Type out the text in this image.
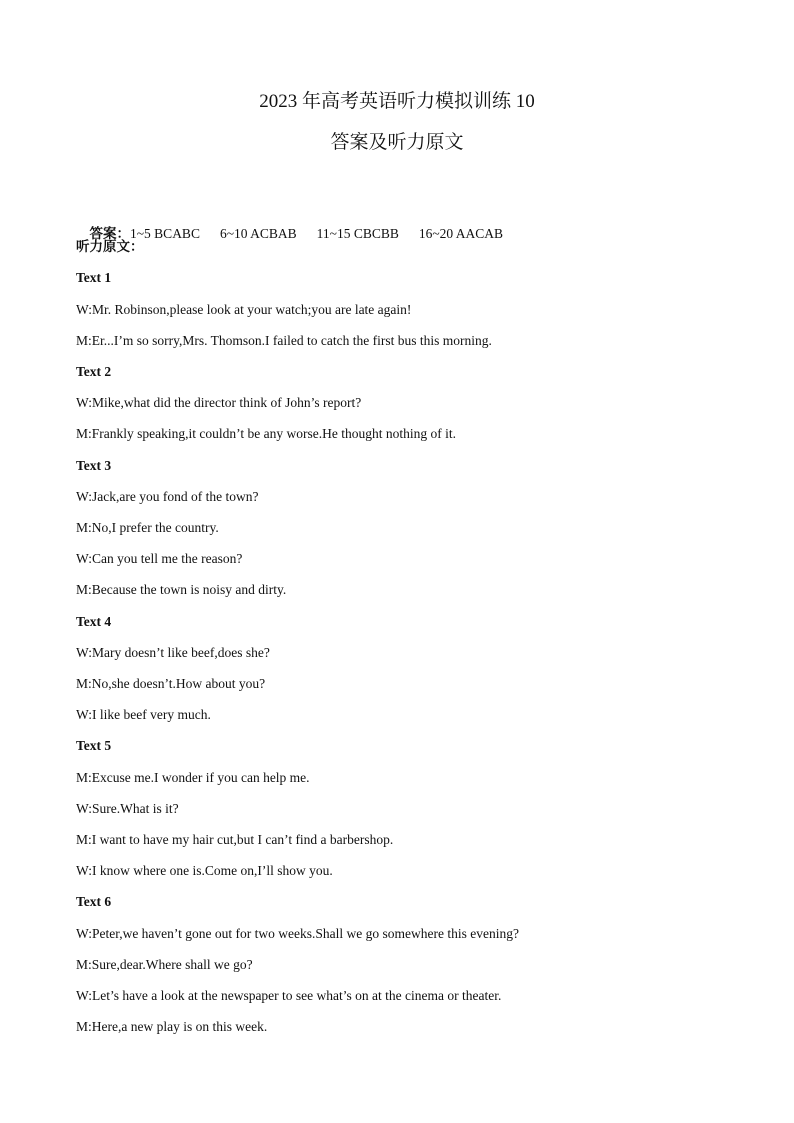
2023 年高考英语听力模拟训练 10
答案及听力原文

答案：1~5 BCABC 6~10 ACBAB 11~15 CBCBB 16~20 AACAB

听力原文：
Text 1
W:Mr. Robinson,please look at your watch;you are late again!
M:Er...I’m so sorry,Mrs. Thomson.I failed to catch the first bus this morning.
Text 2
W:Mike,what did the director think of John’s report?
M:Frankly speaking,it couldn’t be any worse.He thought nothing of it.
Text 3
W:Jack,are you fond of the town?
M:No,I prefer the country.
W:Can you tell me the reason?
M:Because the town is noisy and dirty.
Text 4
W:Mary doesn’t like beef,does she?
M:No,she doesn’t.How about you?
W:I like beef very much.
Text 5
M:Excuse me.I wonder if you can help me.
W:Sure.What is it?
M:I want to have my hair cut,but I can’t find a barbershop.
W:I know where one is.Come on,I’ll show you.
Text 6
W:Peter,we haven’t gone out for two weeks.Shall we go somewhere this evening?
M:Sure,dear.Where shall we go?
W:Let’s have a look at the newspaper to see what’s on at the cinema or theater.
M:Here,a new play is on this week.
